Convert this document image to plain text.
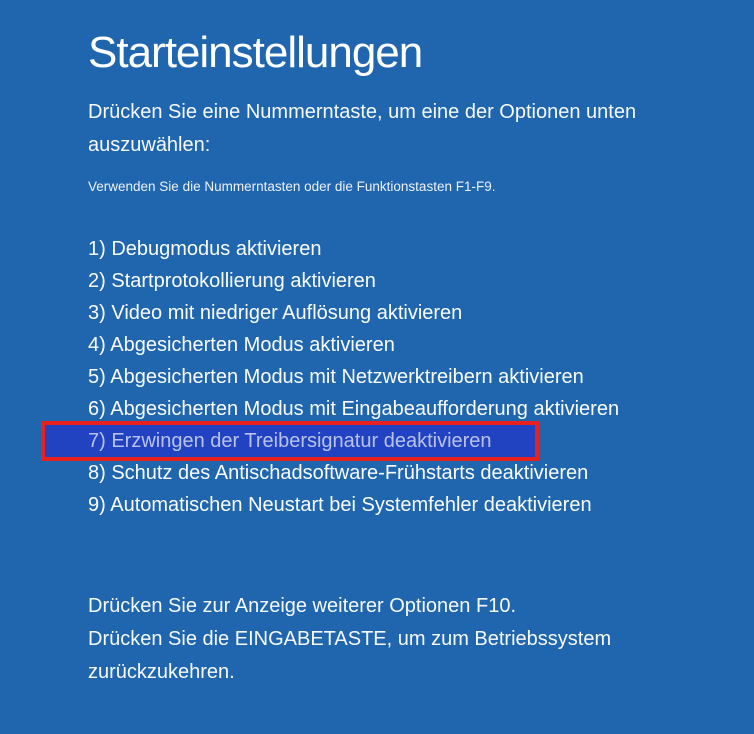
Starteinstellungen
Drücken Sie eine Nummerntaste, um eine der Optionen unten
auszuwählen:
Verwenden Sie die Nummerntasten oder die Funktionstasten F1-F9.
1) Debugmodus aktivieren
2) Startprotokollierung aktivieren
3) Video mit niedriger Auflösung aktivieren
4) Abgesicherten Modus aktivieren
5) Abgesicherten Modus mit Netzwerktreibern aktivieren
6) Abgesicherten Modus mit Eingabeaufforderung aktivieren
7) Erzwingen der Treibersignatur deaktivieren
8) Schutz des Antischadsoftware-Frühstarts deaktivieren
9) Automatischen Neustart bei Systemfehler deaktivieren
Drücken Sie zur Anzeige weiterer Optionen F10.
Drücken Sie die EINGABETASTE, um zum Betriebssystem
zurückzukehren.
